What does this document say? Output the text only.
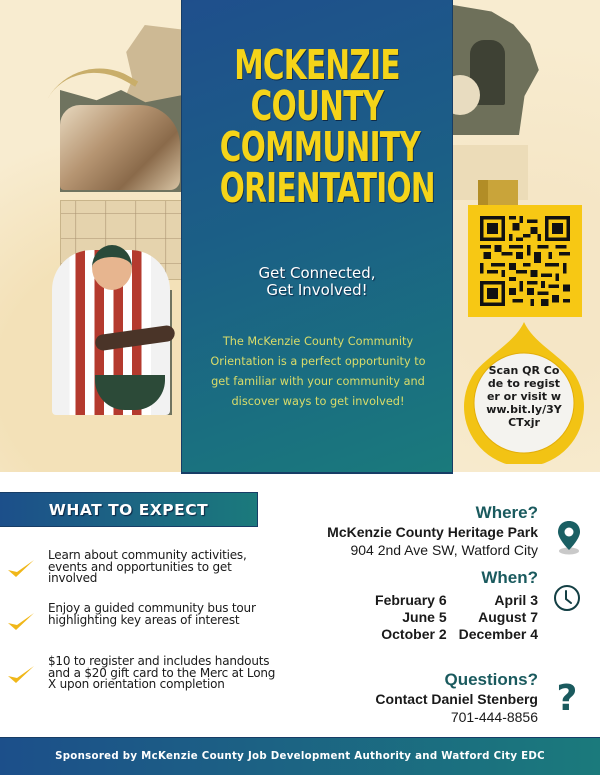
MCKENZIE
COUNTY
COMMUNITY
ORIENTATION
Get Connected,
Get Involved!
The McKenzie County Community Orientation is a perfect opportunity to get familiar with your community and discover ways to get involved!
Scan QR Code to register or visit www.bit.ly/3YCTxjr
WHAT TO EXPECT
Learn about community activities, events and opportunities to get involved
Enjoy a guided community bus tour highlighting key areas of interest
$10 to register and includes handouts and a $20 gift card to the Merc at Long X upon orientation completion
Where?
McKenzie County Heritage Park
904 2nd Ave SW, Watford City
When?
February 6	April 3
June 5	August 7
October 2 December 4
Questions?
Contact Daniel Stenberg
701-444-8856 ?
Sponsored by McKenzie County Job Development Authority and Watford City EDC
